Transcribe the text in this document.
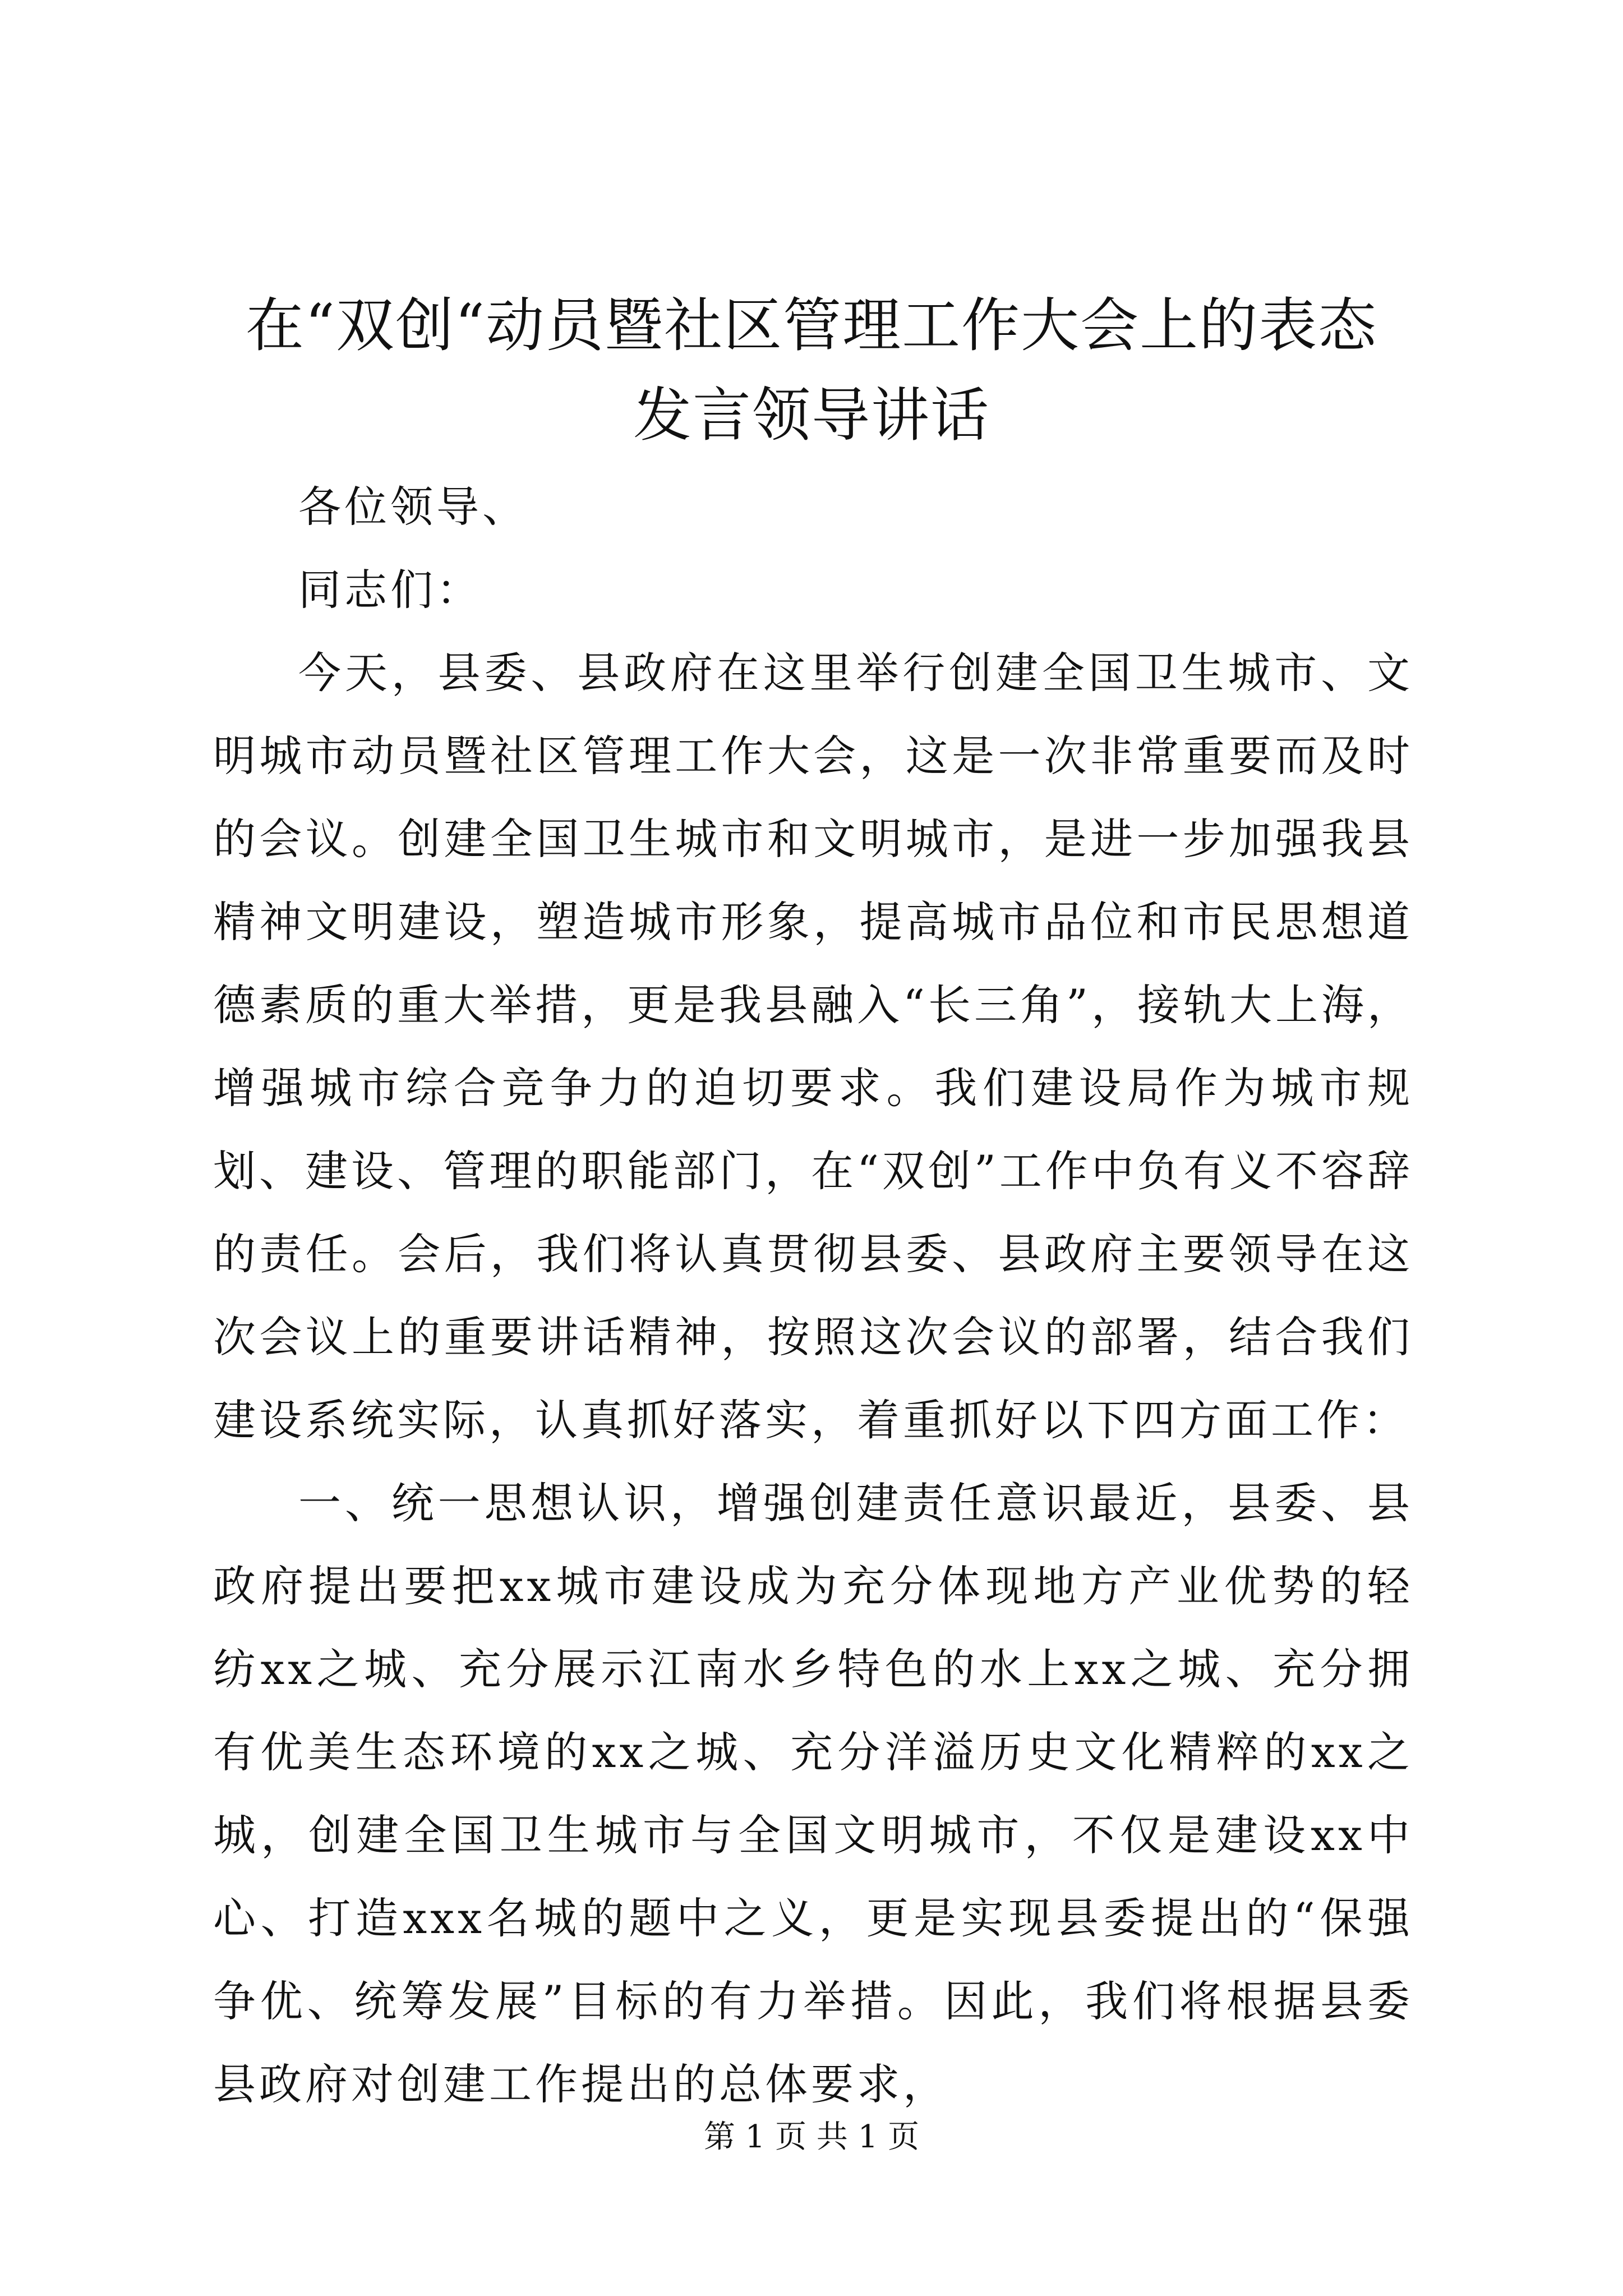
在“双创“动员暨社区管理工作大会上的表态
发言领导讲话

各位领导、

同志们：

今天，县委、县政府在这里举行创建全国卫生城市、文明城市动员暨社区管理工作大会，这是一次非常重要而及时的会议。创建全国卫生城市和文明城市，是进一步加强我县精神文明建设，塑造城市形象，提高城市品位和市民思想道德素质的重大举措，更是我县融入“长三角”，接轨大上海，增强城市综合竞争力的迫切要求。我们建设局作为城市规划、建设、管理的职能部门，在“双创”工作中负有义不容辞的责任。会后，我们将认真贯彻县委、县政府主要领导在这次会议上的重要讲话精神，按照这次会议的部署，结合我们建设系统实际，认真抓好落实，着重抓好以下四方面工作：

一、统一思想认识，增强创建责任意识最近，县委、县政府提出要把xx城市建设成为充分体现地方产业优势的轻纺xx之城、充分展示江南水乡特色的水上xx之城、充分拥有优美生态环境的xx之城、充分洋溢历史文化精粹的xx之城，创建全国卫生城市与全国文明城市，不仅是建设xx中心、打造xxx名城的题中之义，更是实现县委提出的“保强争优、统筹发展”目标的有力举措。因此，我们将根据县委县政府对创建工作提出的总体要求，

第 1 页 共 1 页
